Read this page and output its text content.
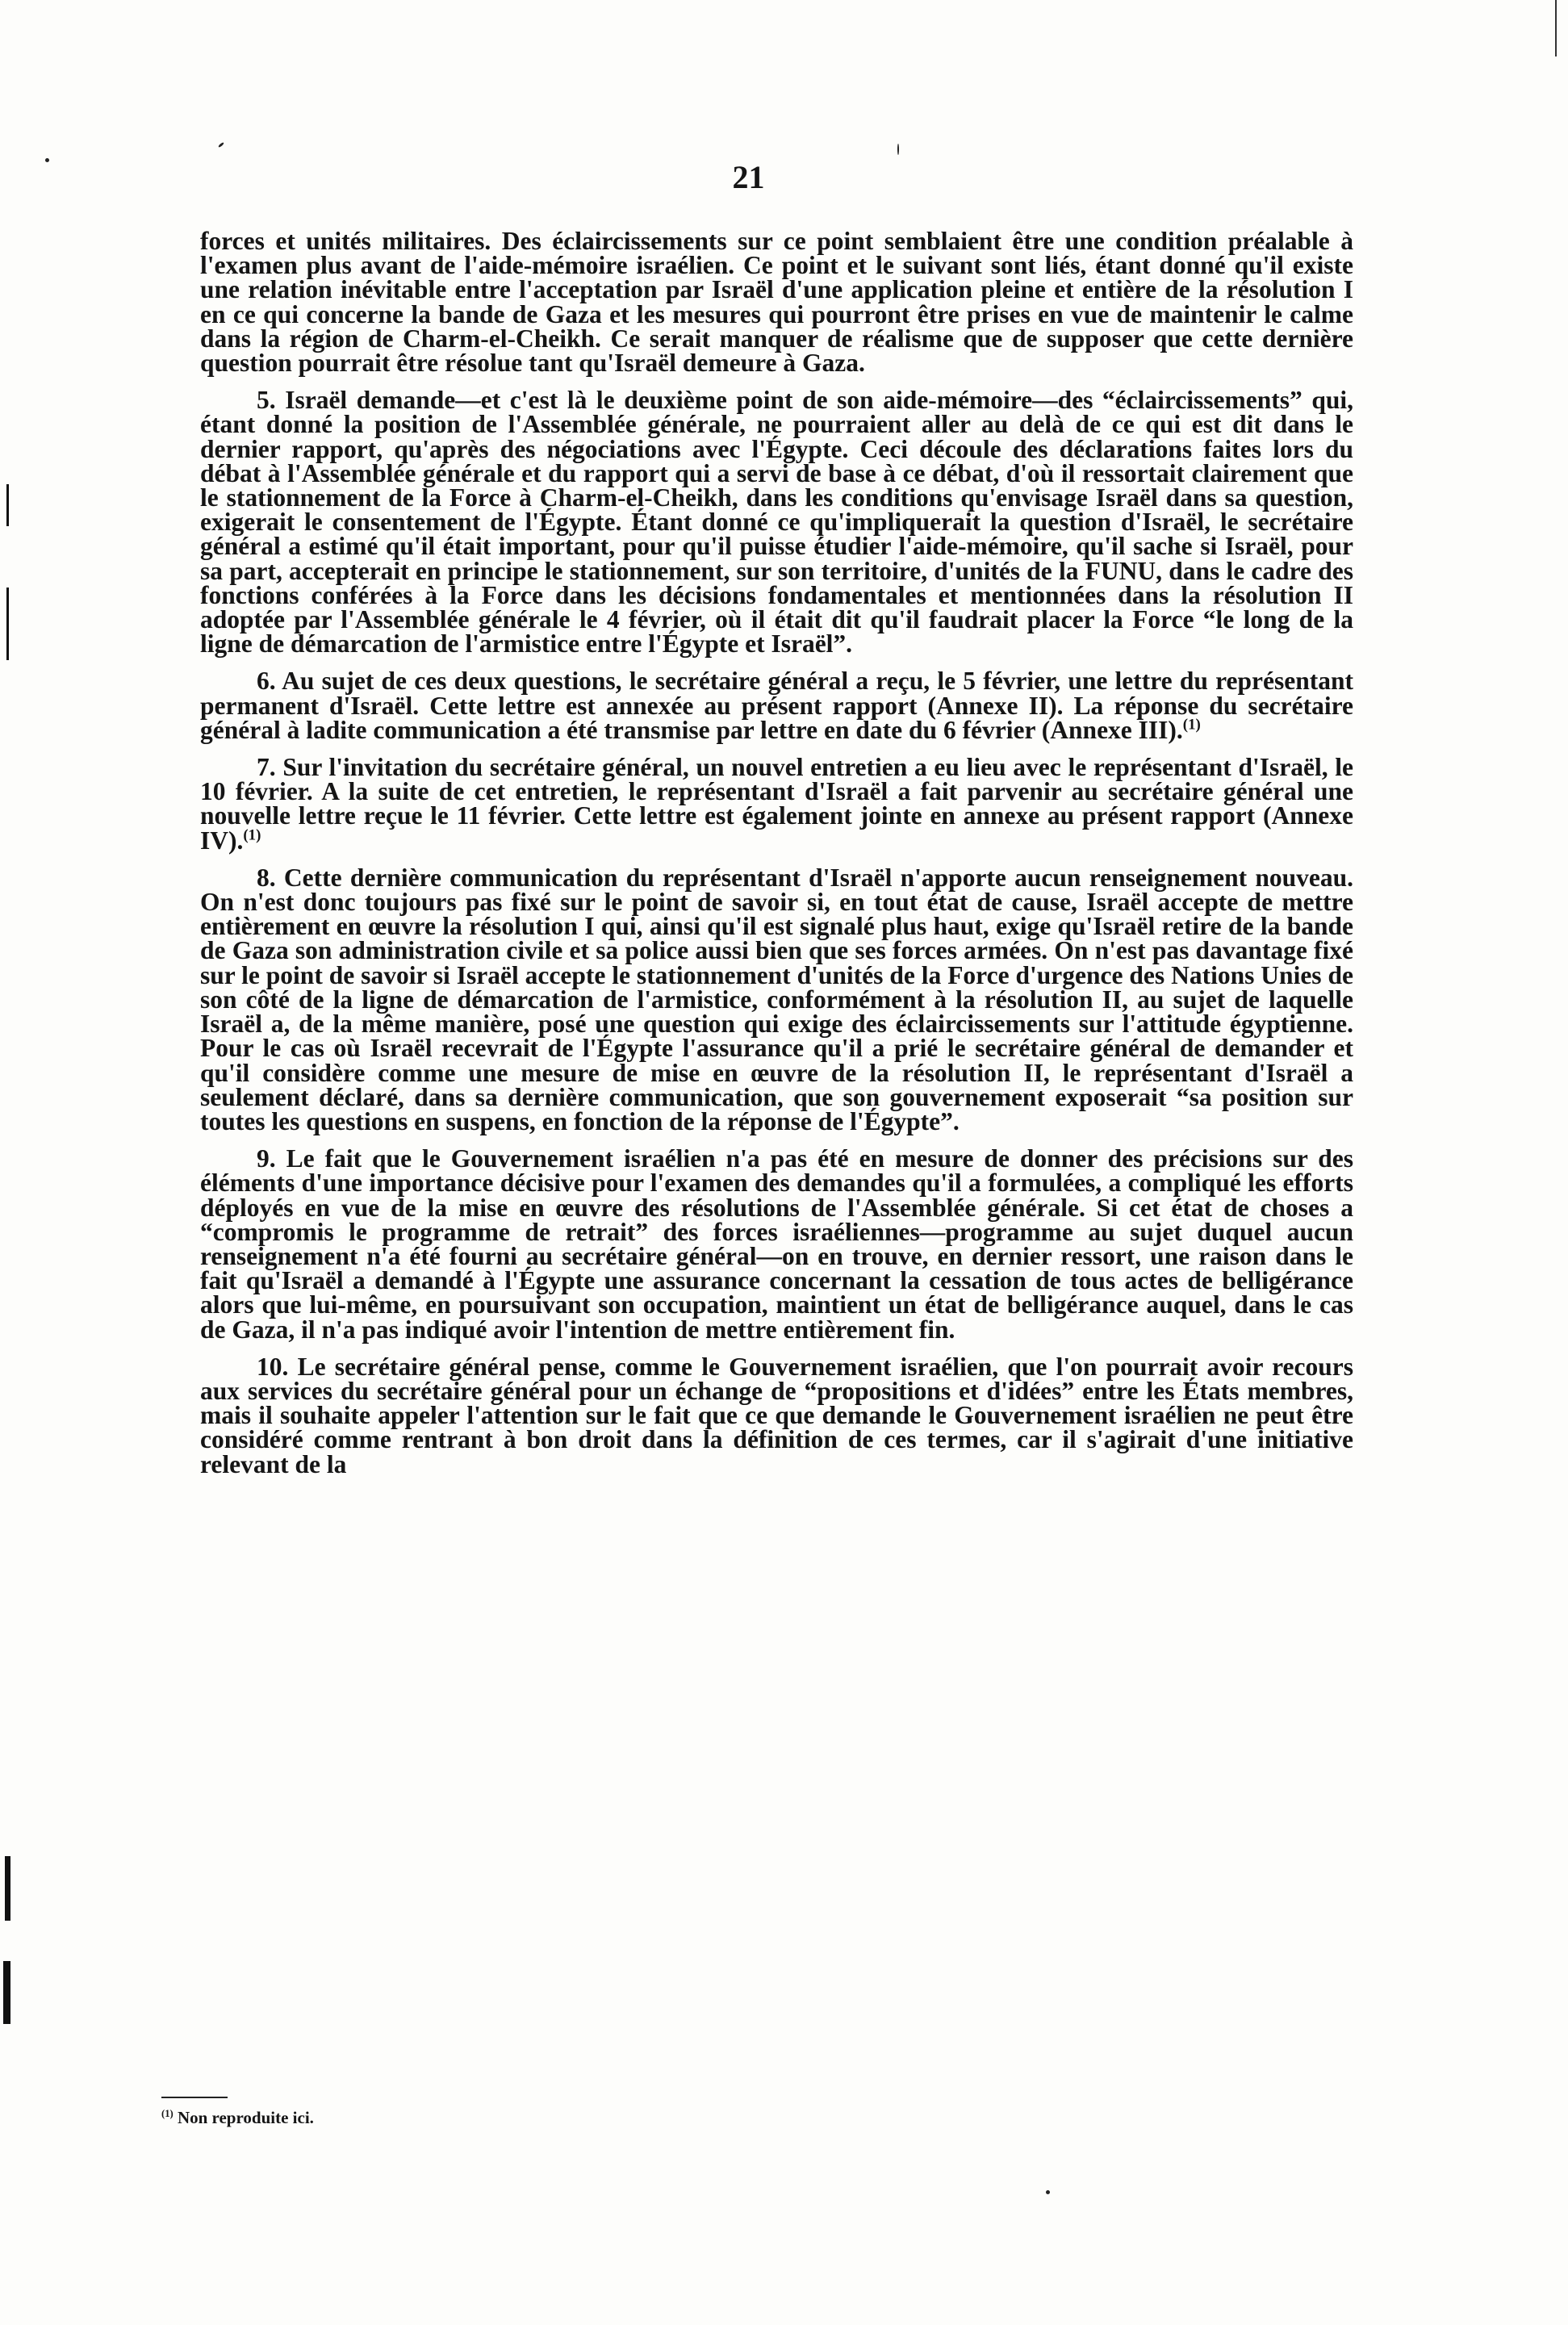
21

forces et unités militaires. Des éclaircissements sur ce point semblaient être une condition préalable à l'examen plus avant de l'aide-mémoire israélien. Ce point et le suivant sont liés, étant donné qu'il existe une relation inévitable entre l'acceptation par Israël d'une application pleine et entière de la résolution I en ce qui concerne la bande de Gaza et les mesures qui pourront être prises en vue de maintenir le calme dans la région de Charm-el-Cheikh. Ce serait manquer de réalisme que de supposer que cette dernière question pourrait être résolue tant qu'Israël demeure à Gaza.

5. Israël demande—et c'est là le deuxième point de son aide-mémoire—des “éclaircissements” qui, étant donné la position de l'Assemblée générale, ne pourraient aller au delà de ce qui est dit dans le dernier rapport, qu'après des négociations avec l'Égypte. Ceci découle des déclarations faites lors du débat à l'Assemblée générale et du rapport qui a servi de base à ce débat, d'où il ressortait clairement que le stationnement de la Force à Charm-el-Cheikh, dans les conditions qu'envisage Israël dans sa question, exigerait le consentement de l'Égypte. Étant donné ce qu'impliquerait la question d'Israël, le secrétaire général a estimé qu'il était important, pour qu'il puisse étudier l'aide-mémoire, qu'il sache si Israël, pour sa part, accepterait en principe le stationnement, sur son territoire, d'unités de la FUNU, dans le cadre des fonctions conférées à la Force dans les décisions fondamentales et mentionnées dans la résolution II adoptée par l'Assemblée générale le 4 février, où il était dit qu'il faudrait placer la Force “le long de la ligne de démarcation de l'armistice entre l'Égypte et Israël”.

6. Au sujet de ces deux questions, le secrétaire général a reçu, le 5 février, une lettre du représentant permanent d'Israël. Cette lettre est annexée au présent rapport (Annexe II). La réponse du secrétaire général à ladite communication a été transmise par lettre en date du 6 février (Annexe III).$^{(1)}$

7. Sur l'invitation du secrétaire général, un nouvel entretien a eu lieu avec le représentant d'Israël, le 10 février. A la suite de cet entretien, le représentant d'Israël a fait parvenir au secrétaire général une nouvelle lettre reçue le 11 février. Cette lettre est également jointe en annexe au présent rapport (Annexe IV).$^{(1)}$

8. Cette dernière communication du représentant d'Israël n'apporte aucun renseignement nouveau. On n'est donc toujours pas fixé sur le point de savoir si, en tout état de cause, Israël accepte de mettre entièrement en œuvre la résolution I qui, ainsi qu'il est signalé plus haut, exige qu'Israël retire de la bande de Gaza son administration civile et sa police aussi bien que ses forces armées. On n'est pas davantage fixé sur le point de savoir si Israël accepte le stationnement d'unités de la Force d'urgence des Nations Unies de son côté de la ligne de démarcation de l'armistice, conformément à la résolution II, au sujet de laquelle Israël a, de la même manière, posé une question qui exige des éclaircissements sur l'attitude égyptienne. Pour le cas où Israël recevrait de l'Égypte l'assurance qu'il a prié le secrétaire général de demander et qu'il considère comme une mesure de mise en œuvre de la résolution II, le représentant d'Israël a seulement déclaré, dans sa dernière communication, que son gouvernement exposerait “sa position sur toutes les questions en suspens, en fonction de la réponse de l'Égypte”.

9. Le fait que le Gouvernement israélien n'a pas été en mesure de donner des précisions sur des éléments d'une importance décisive pour l'examen des demandes qu'il a formulées, a compliqué les efforts déployés en vue de la mise en œuvre des résolutions de l'Assemblée générale. Si cet état de choses a “compromis le programme de retrait” des forces israéliennes—programme au sujet duquel aucun renseignement n'a été fourni au secrétaire général—on en trouve, en dernier ressort, une raison dans le fait qu'Israël a demandé à l'Égypte une assurance concernant la cessation de tous actes de belligérance alors que lui-même, en poursuivant son occupation, maintient un état de belligérance auquel, dans le cas de Gaza, il n'a pas indiqué avoir l'intention de mettre entièrement fin.

10. Le secrétaire général pense, comme le Gouvernement israélien, que l'on pourrait avoir recours aux services du secrétaire général pour un échange de “propositions et d'idées” entre les États membres, mais il souhaite appeler l'attention sur le fait que ce que demande le Gouvernement israélien ne peut être considéré comme rentrant à bon droit dans la définition de ces termes, car il s'agirait d'une initiative relevant de la

$^{(1)}$ Non reproduite ici.
